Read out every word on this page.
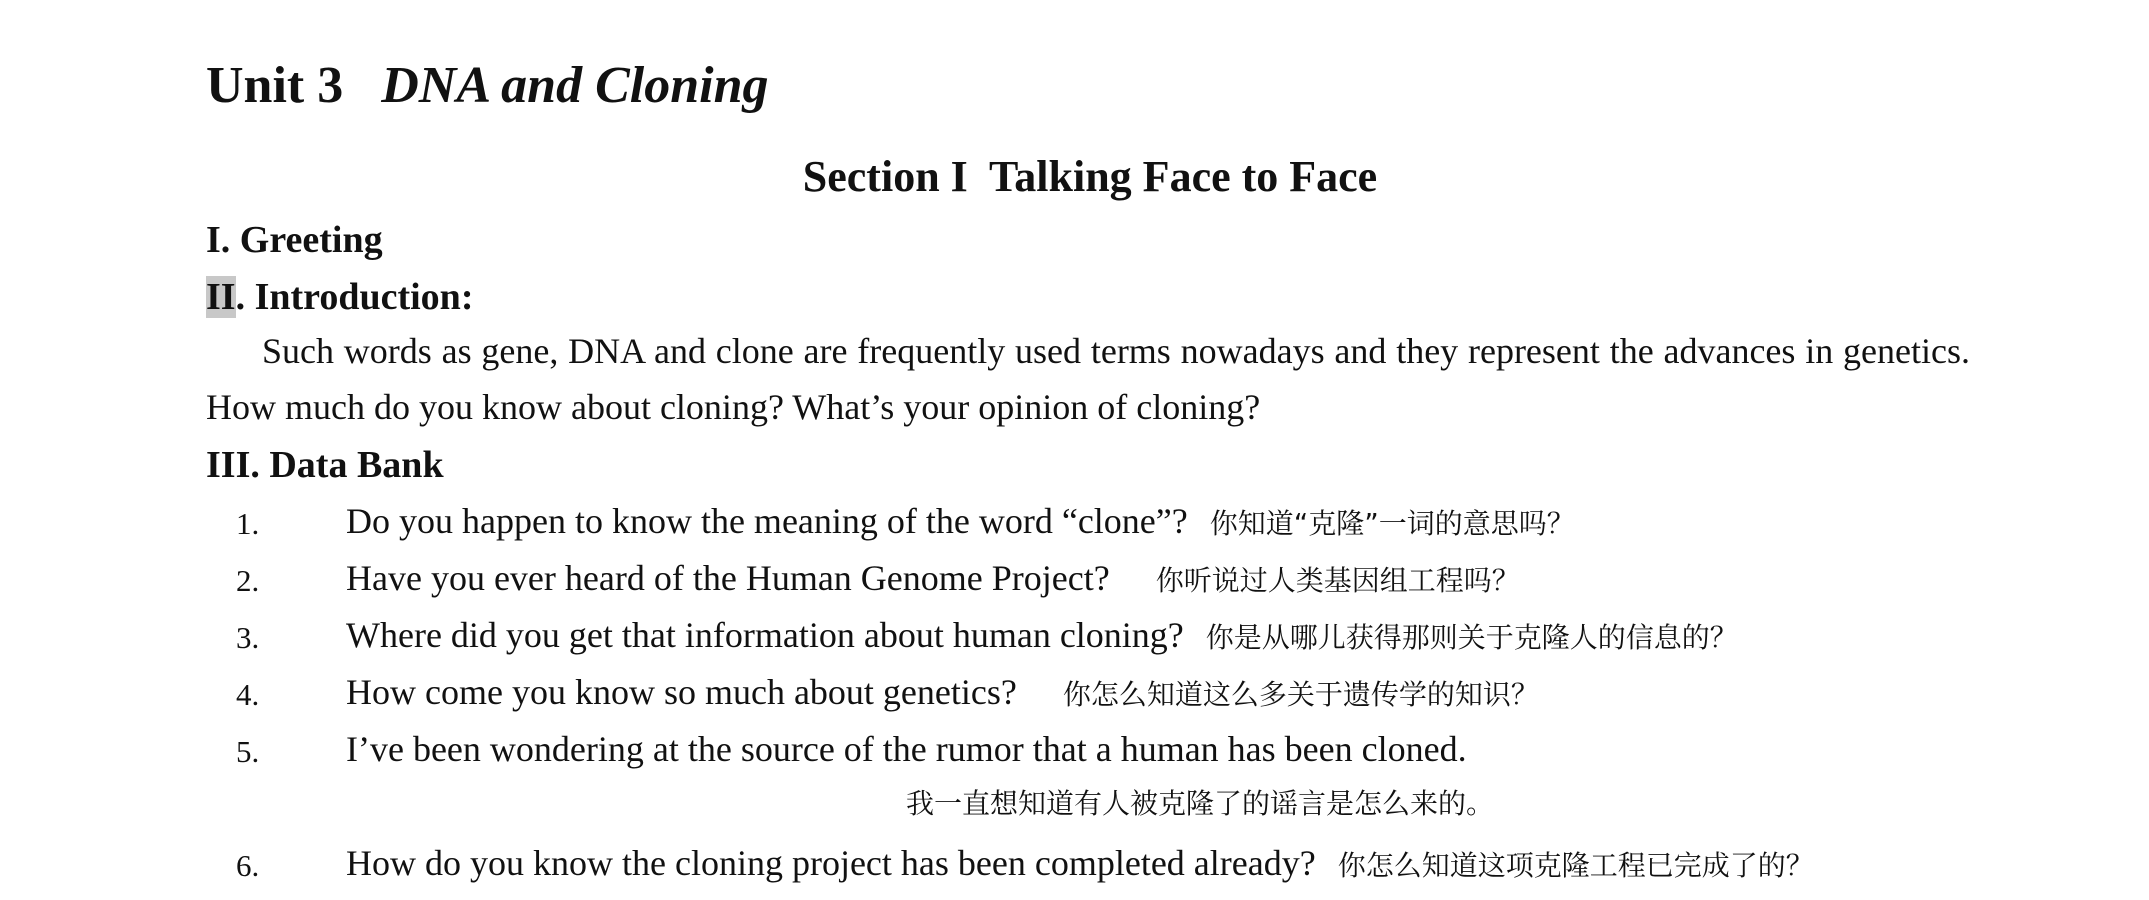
Unit 3 DNA and Cloning
Section I  Talking Face to Face
I. Greeting
II. Introduction:
Such words as gene, DNA and clone are frequently used terms nowadays and they represent the advances in genetics. How much do you know about cloning? What’s your opinion of cloning?
III. Data Bank
1. Do you happen to know the meaning of the word “clone”? 你知道“克隆”一词的意思吗？
2. Have you ever heard of the Human Genome Project? 你听说过人类基因组工程吗？
3. Where did you get that information about human cloning? 你是从哪儿获得那则关于克隆人的信息的？
4. How come you know so much about genetics? 你怎么知道这么多关于遗传学的知识？
5. I’ve been wondering at the source of the rumor that a human has been cloned.
我一直想知道有人被克隆了的谣言是怎么来的。
6. How do you know the cloning project has been completed already? 你怎么知道这项克隆工程已完成了的？
